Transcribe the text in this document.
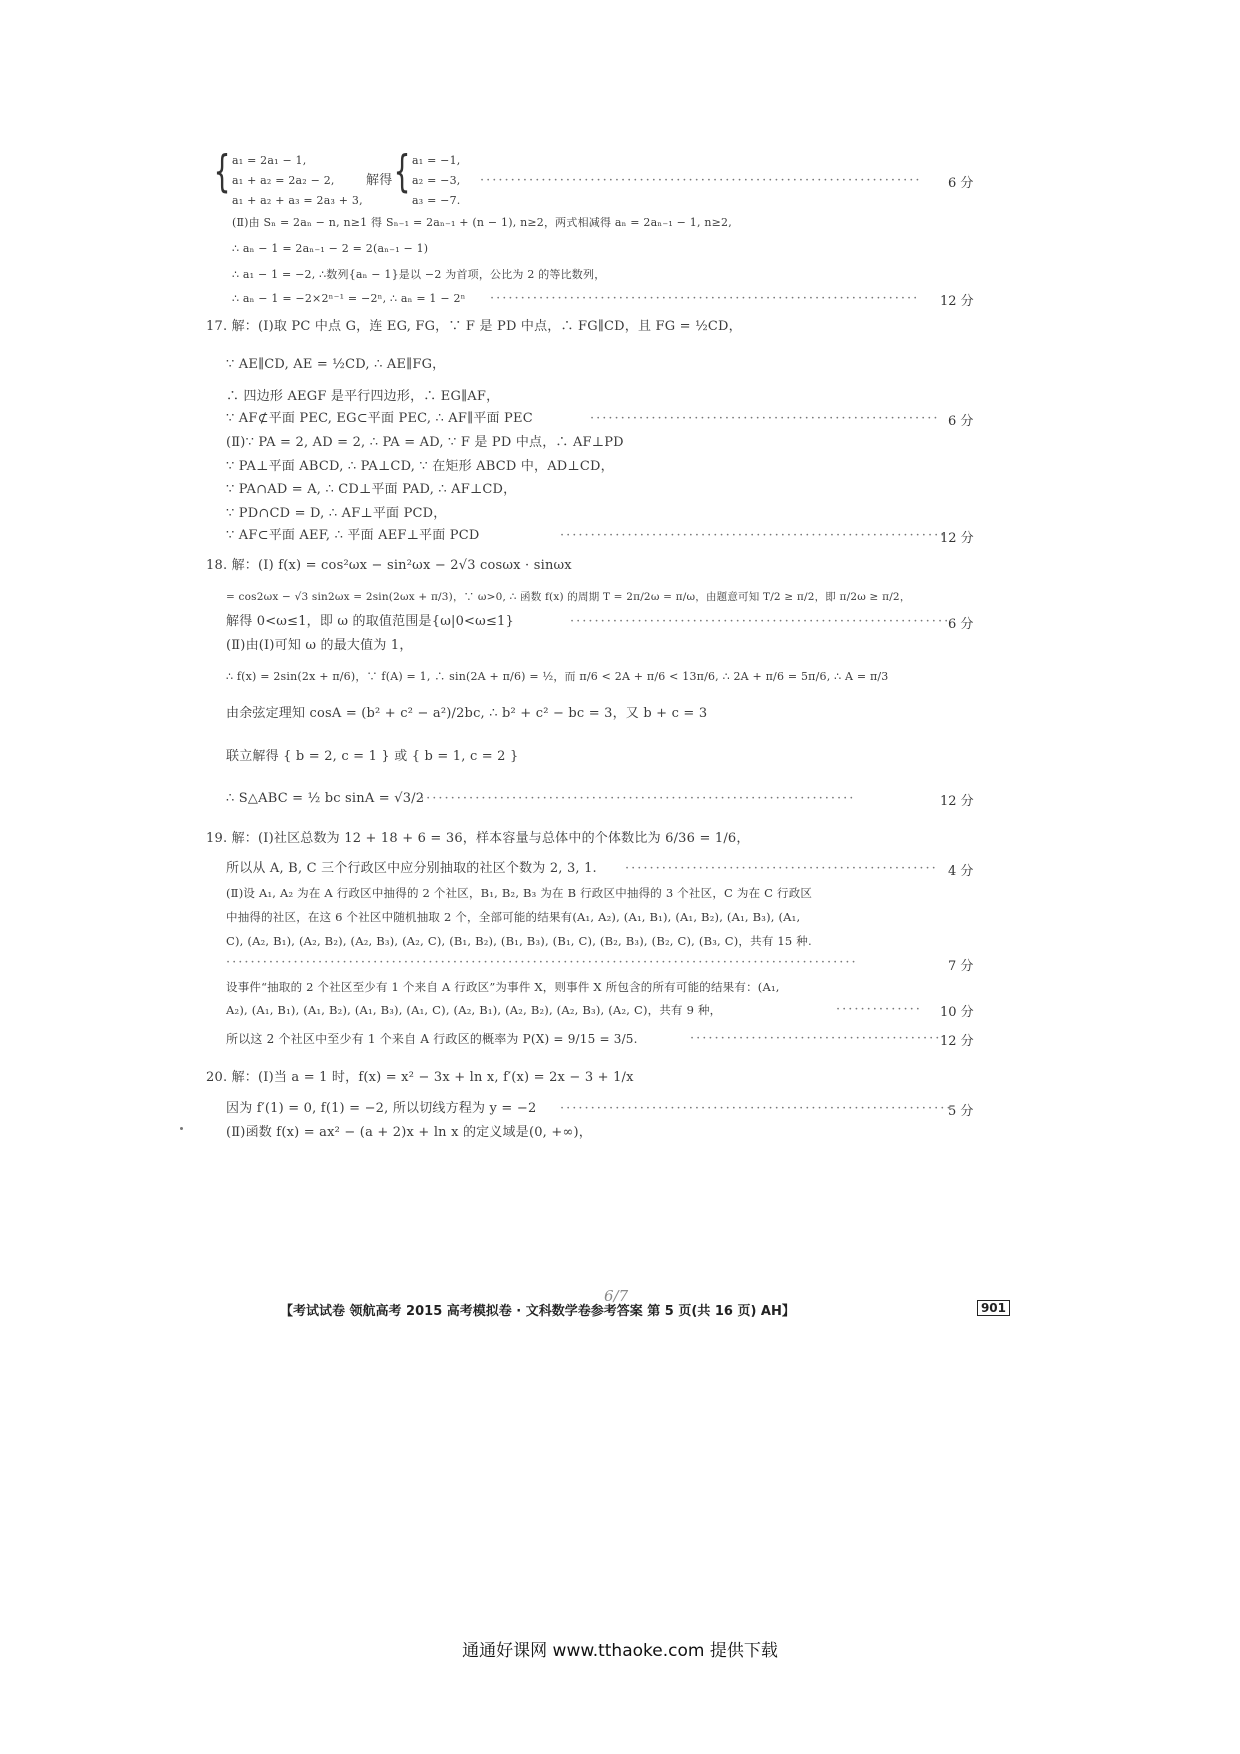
{ a₁ = 2a₁ − 1,
a₁ + a₂ = 2a₂ − 2,
a₁ + a₂ + a₃ = 2a₃ + 3,
解得 { a₁ = −1,
a₂ = −3,
a₃ = −7.
········································································ 6 分
(Ⅱ)由 Sₙ = 2aₙ − n, n≥1 得 Sₙ₋₁ = 2aₙ₋₁ + (n − 1), n≥2，两式相减得 aₙ = 2aₙ₋₁ − 1, n≥2,
∴ aₙ − 1 = 2aₙ₋₁ − 2 = 2(aₙ₋₁ − 1)
∴ a₁ − 1 = −2, ∴数列{aₙ − 1}是以 −2 为首项，公比为 2 的等比数列，
∴ aₙ − 1 = −2×2ⁿ⁻¹ = −2ⁿ, ∴ aₙ = 1 − 2ⁿ ······································································ 12 分
17. 解：(Ⅰ)取 PC 中点 G，连 EG, FG，∵ F 是 PD 中点，∴ FG∥CD，且 FG = ½CD，
∵ AE∥CD, AE = ½CD, ∴ AE∥FG，
∴ 四边形 AEGF 是平行四边形，∴ EG∥AF，
∵ AF⊄平面 PEC, EG⊂平面 PEC, ∴ AF∥平面 PEC	························································· 6 分
(Ⅱ)∵ PA = 2, AD = 2, ∴ PA = AD, ∵ F 是 PD 中点，∴ AF⊥PD
∵ PA⊥平面 ABCD, ∴ PA⊥CD, ∵ 在矩形 ABCD 中，AD⊥CD，
∵ PA∩AD = A, ∴ CD⊥平面 PAD, ∴ AF⊥CD，
∵ PD∩CD = D, ∴ AF⊥平面 PCD，
∵ AF⊂平面 AEF, ∴ 平面 AEF⊥平面 PCD	·······························································
12 分
18. 解：(Ⅰ) f(x) = cos²ωx − sin²ωx − 2√3 cosωx · sinωx
= cos2ωx − √3 sin2ωx = 2sin(2ωx + π/3)，∵ ω>0, ∴ 函数 f(x) 的周期 T = 2π/2ω = π/ω，由题意可知 T/2 ≥ π/2，即 π/2ω ≥ π/2，
解得 0<ω≤1，即 ω 的取值范围是{ω|0<ω≤1}	······························································
6 分
(Ⅱ)由(Ⅰ)可知 ω 的最大值为 1，
∴ f(x) = 2sin(2x + π/6)，∵ f(A) = 1, ∴ sin(2A + π/6) = ½，而 π/6 < 2A + π/6 < 13π/6, ∴ 2A + π/6 = 5π/6, ∴ A = π/3
由余弦定理知 cosA = (b² + c² − a²)/2bc, ∴ b² + c² − bc = 3，又 b + c = 3
联立解得 { b = 2, c = 1 } 或 { b = 1, c = 2 }
∴ S△ABC = ½ bc sinA = √3/2
·······································································	12 分
19. 解：(Ⅰ)社区总数为 12 + 18 + 6 = 36，样本容量与总体中的个体数比为 6/36 = 1/6，
所以从 A, B, C 三个行政区中应分别抽取的社区个数为 2, 3, 1. ··················································· 4 分
(Ⅱ)设 A₁, A₂ 为在 A 行政区中抽得的 2 个社区，B₁, B₂, B₃ 为在 B 行政区中抽得的 3 个社区，C 为在 C 行政区
中抽得的社区，在这 6 个社区中随机抽取 2 个，全部可能的结果有(A₁, A₂), (A₁, B₁), (A₁, B₂), (A₁, B₃), (A₁,
C), (A₂, B₁), (A₂, B₂), (A₂, B₃), (A₂, C), (B₁, B₂), (B₁, B₃), (B₁, C), (B₂, B₃), (B₂, C), (B₃, C)，共有 15 种.
·······································································································	7 分
设事件“抽取的 2 个社区至少有 1 个来自 A 行政区”为事件 X，则事件 X 所包含的所有可能的结果有：(A₁,
A₂), (A₁, B₁), (A₁, B₂), (A₁, B₃), (A₁, C), (A₂, B₁), (A₂, B₂), (A₂, B₃), (A₂, C)，共有 9 种，	·············· 10 分
所以这 2 个社区中至少有 1 个来自 A 行政区的概率为 P(X) = 9/15 = 3/5.	·········································
12 分
20. 解：(Ⅰ)当 a = 1 时，f(x) = x² − 3x + ln x, f′(x) = 2x − 3 + 1/x
因为 f′(1) = 0, f(1) = −2, 所以切线方程为 y = −2 ································································
5 分
(Ⅱ)函数 f(x) = ax² − (a + 2)x + ln x 的定义域是(0, +∞)，
6/7
【考试试卷 领航高考 2015 高考模拟卷 · 文科数学卷参考答案 第 5 页(共 16 页) AH】	901
通通好课网 www.tthaoke.com 提供下载
